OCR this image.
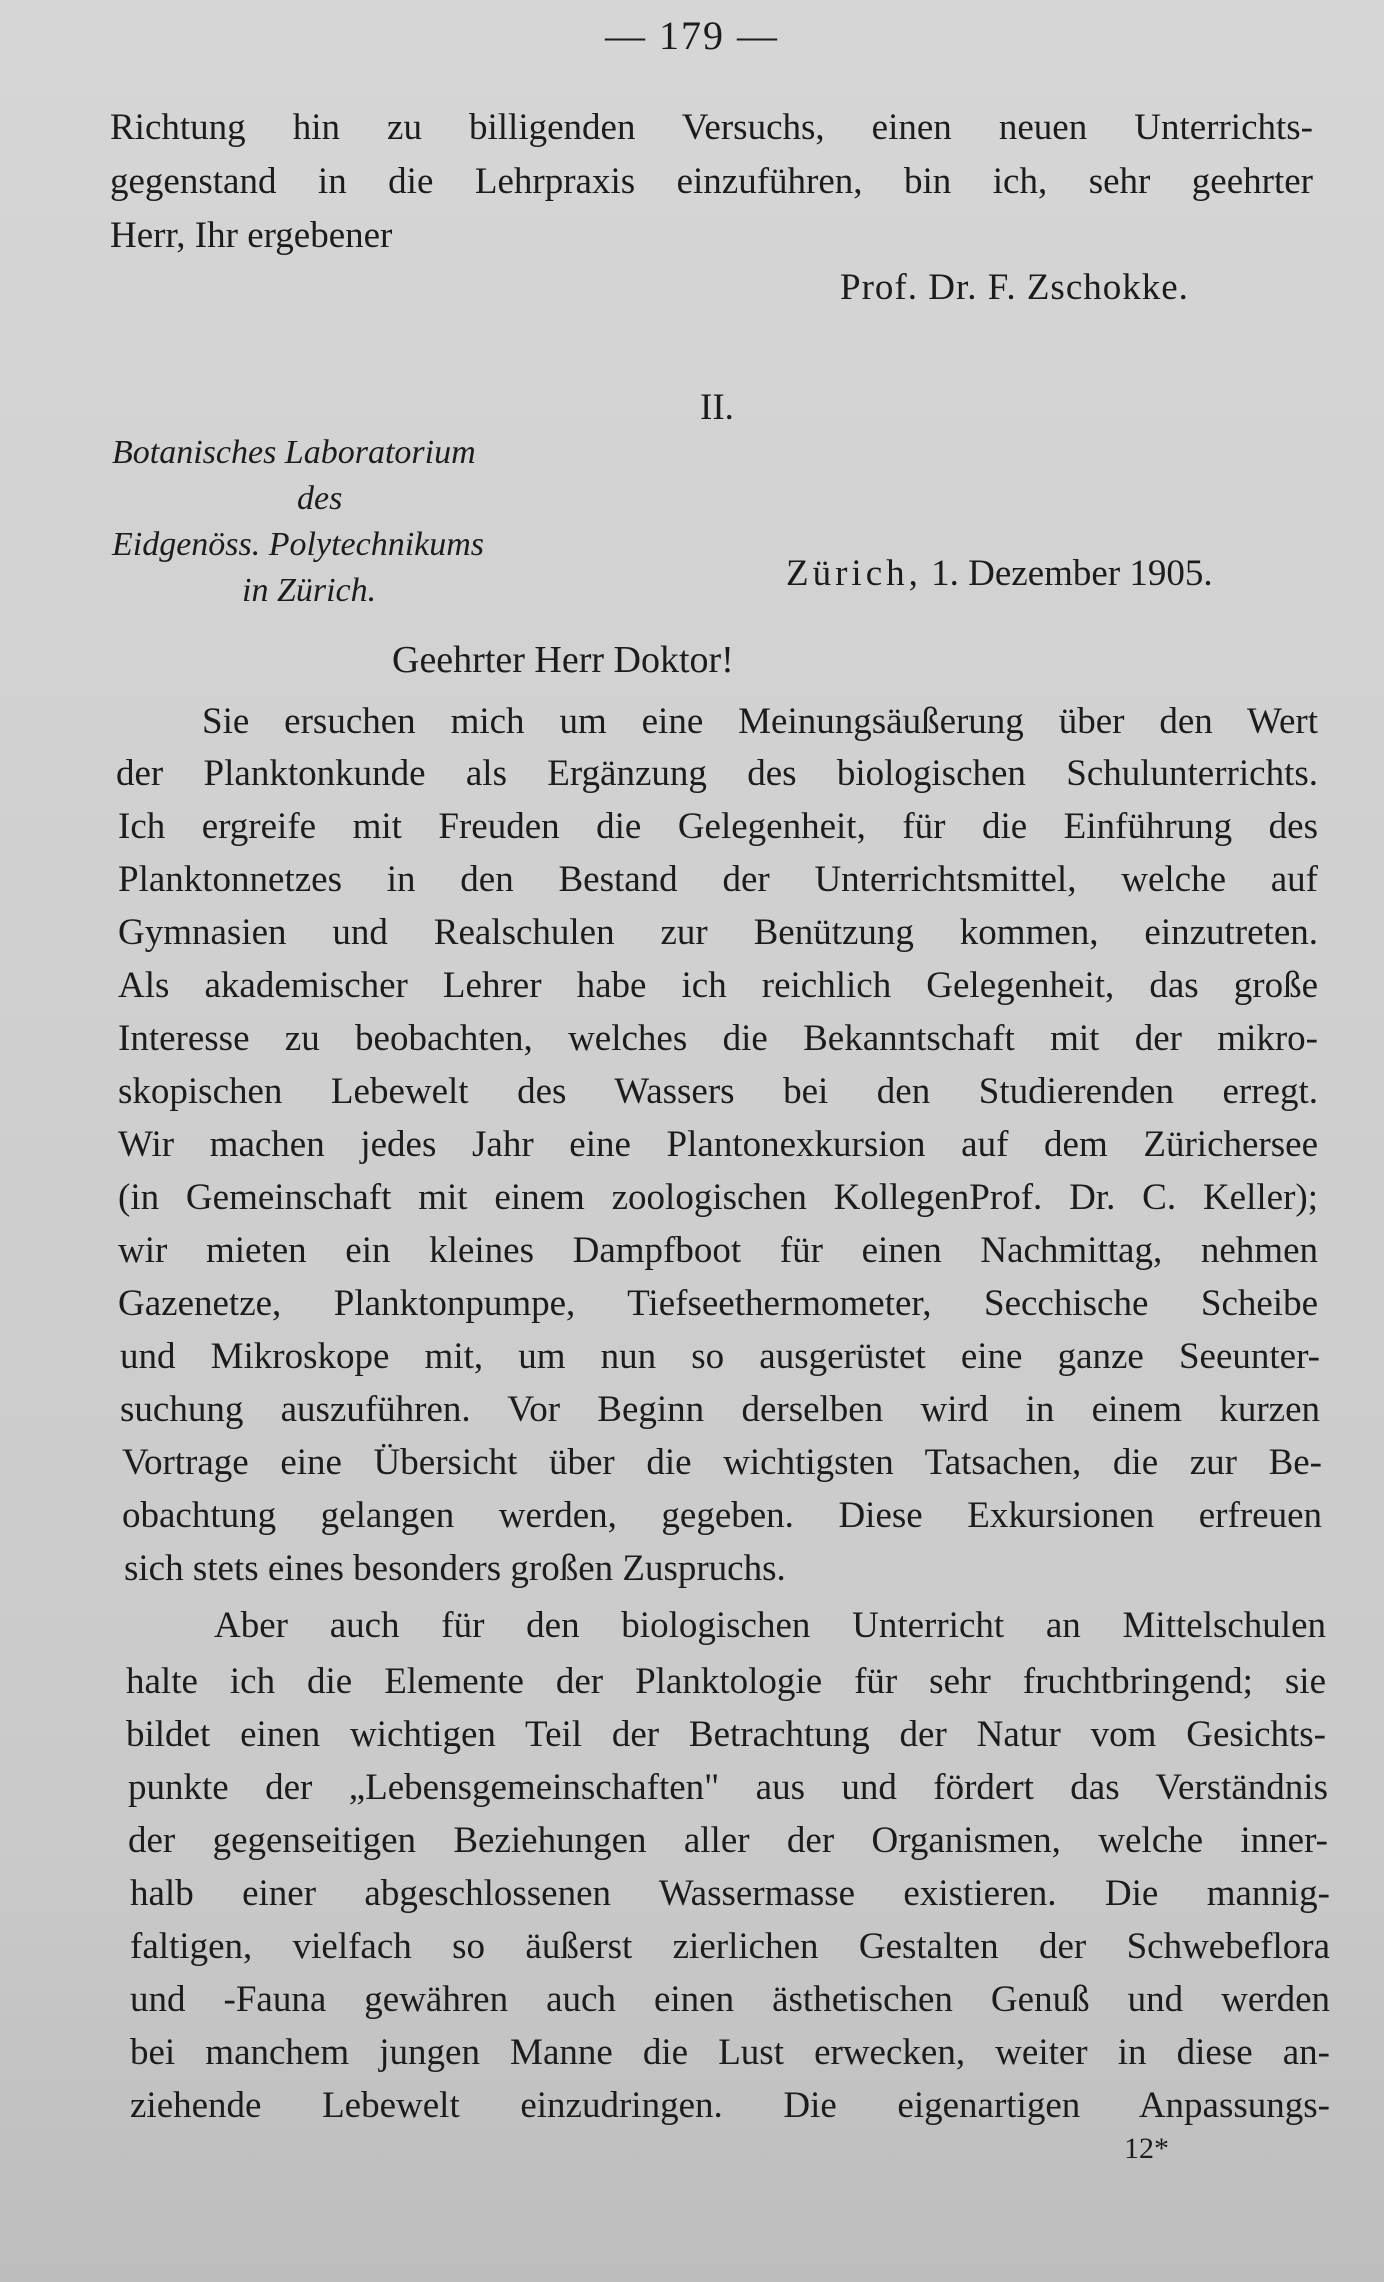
— 179 —

Richtung hin zu billigenden Versuchs, einen neuen Unterrichts-

gegenstand in die Lehrpraxis einzuführen, bin ich, sehr geehrter

Herr, Ihr ergebener

Prof. Dr. F. Zschokke.
II.
Botanisches Laboratorium
des
Eidgenöss. Polytechnikums
in Zürich.	Zürich, 1. Dezember 1905.
Geehrter Herr Doktor!

Sie ersuchen mich um eine Meinungsäußerung über den Wert

der Planktonkunde als Ergänzung des biologischen Schulunterrichts.

Ich ergreife mit Freuden die Gelegenheit, für die Einführung des

Planktonnetzes in den Bestand der Unterrichtsmittel, welche auf

Gymnasien und Realschulen zur Benützung kommen, einzutreten.

Als akademischer Lehrer habe ich reichlich Gelegenheit, das große

Interesse zu beobachten, welches die Bekanntschaft mit der mikro-

skopischen Lebewelt des Wassers bei den Studierenden erregt.

Wir machen jedes Jahr eine Plantonexkursion auf dem Zürichersee

(in Gemeinschaft mit einem zoologischen KollegenProf. Dr. C. Keller);

wir mieten ein kleines Dampfboot für einen Nachmittag, nehmen

Gazenetze, Planktonpumpe, Tiefseethermometer, Secchische Scheibe

und Mikroskope mit, um nun so ausgerüstet eine ganze Seeunter-

suchung auszuführen. Vor Beginn derselben wird in einem kurzen

Vortrage eine Übersicht über die wichtigsten Tatsachen, die zur Be-

obachtung gelangen werden, gegeben. Diese Exkursionen erfreuen

sich stets eines besonders großen Zuspruchs.

Aber auch für den biologischen Unterricht an Mittelschulen

halte ich die Elemente der Planktologie für sehr fruchtbringend; sie

bildet einen wichtigen Teil der Betrachtung der Natur vom Gesichts-

punkte der „Lebensgemeinschaften" aus und fördert das Verständnis

der gegenseitigen Beziehungen aller der Organismen, welche inner-

halb einer abgeschlossenen Wassermasse existieren. Die mannig-

faltigen, vielfach so äußerst zierlichen Gestalten der Schwebeflora

und -Fauna gewähren auch einen ästhetischen Genuß und werden

bei manchem jungen Manne die Lust erwecken, weiter in diese an-

ziehende Lebewelt einzudringen. Die eigenartigen Anpassungs-

12*
